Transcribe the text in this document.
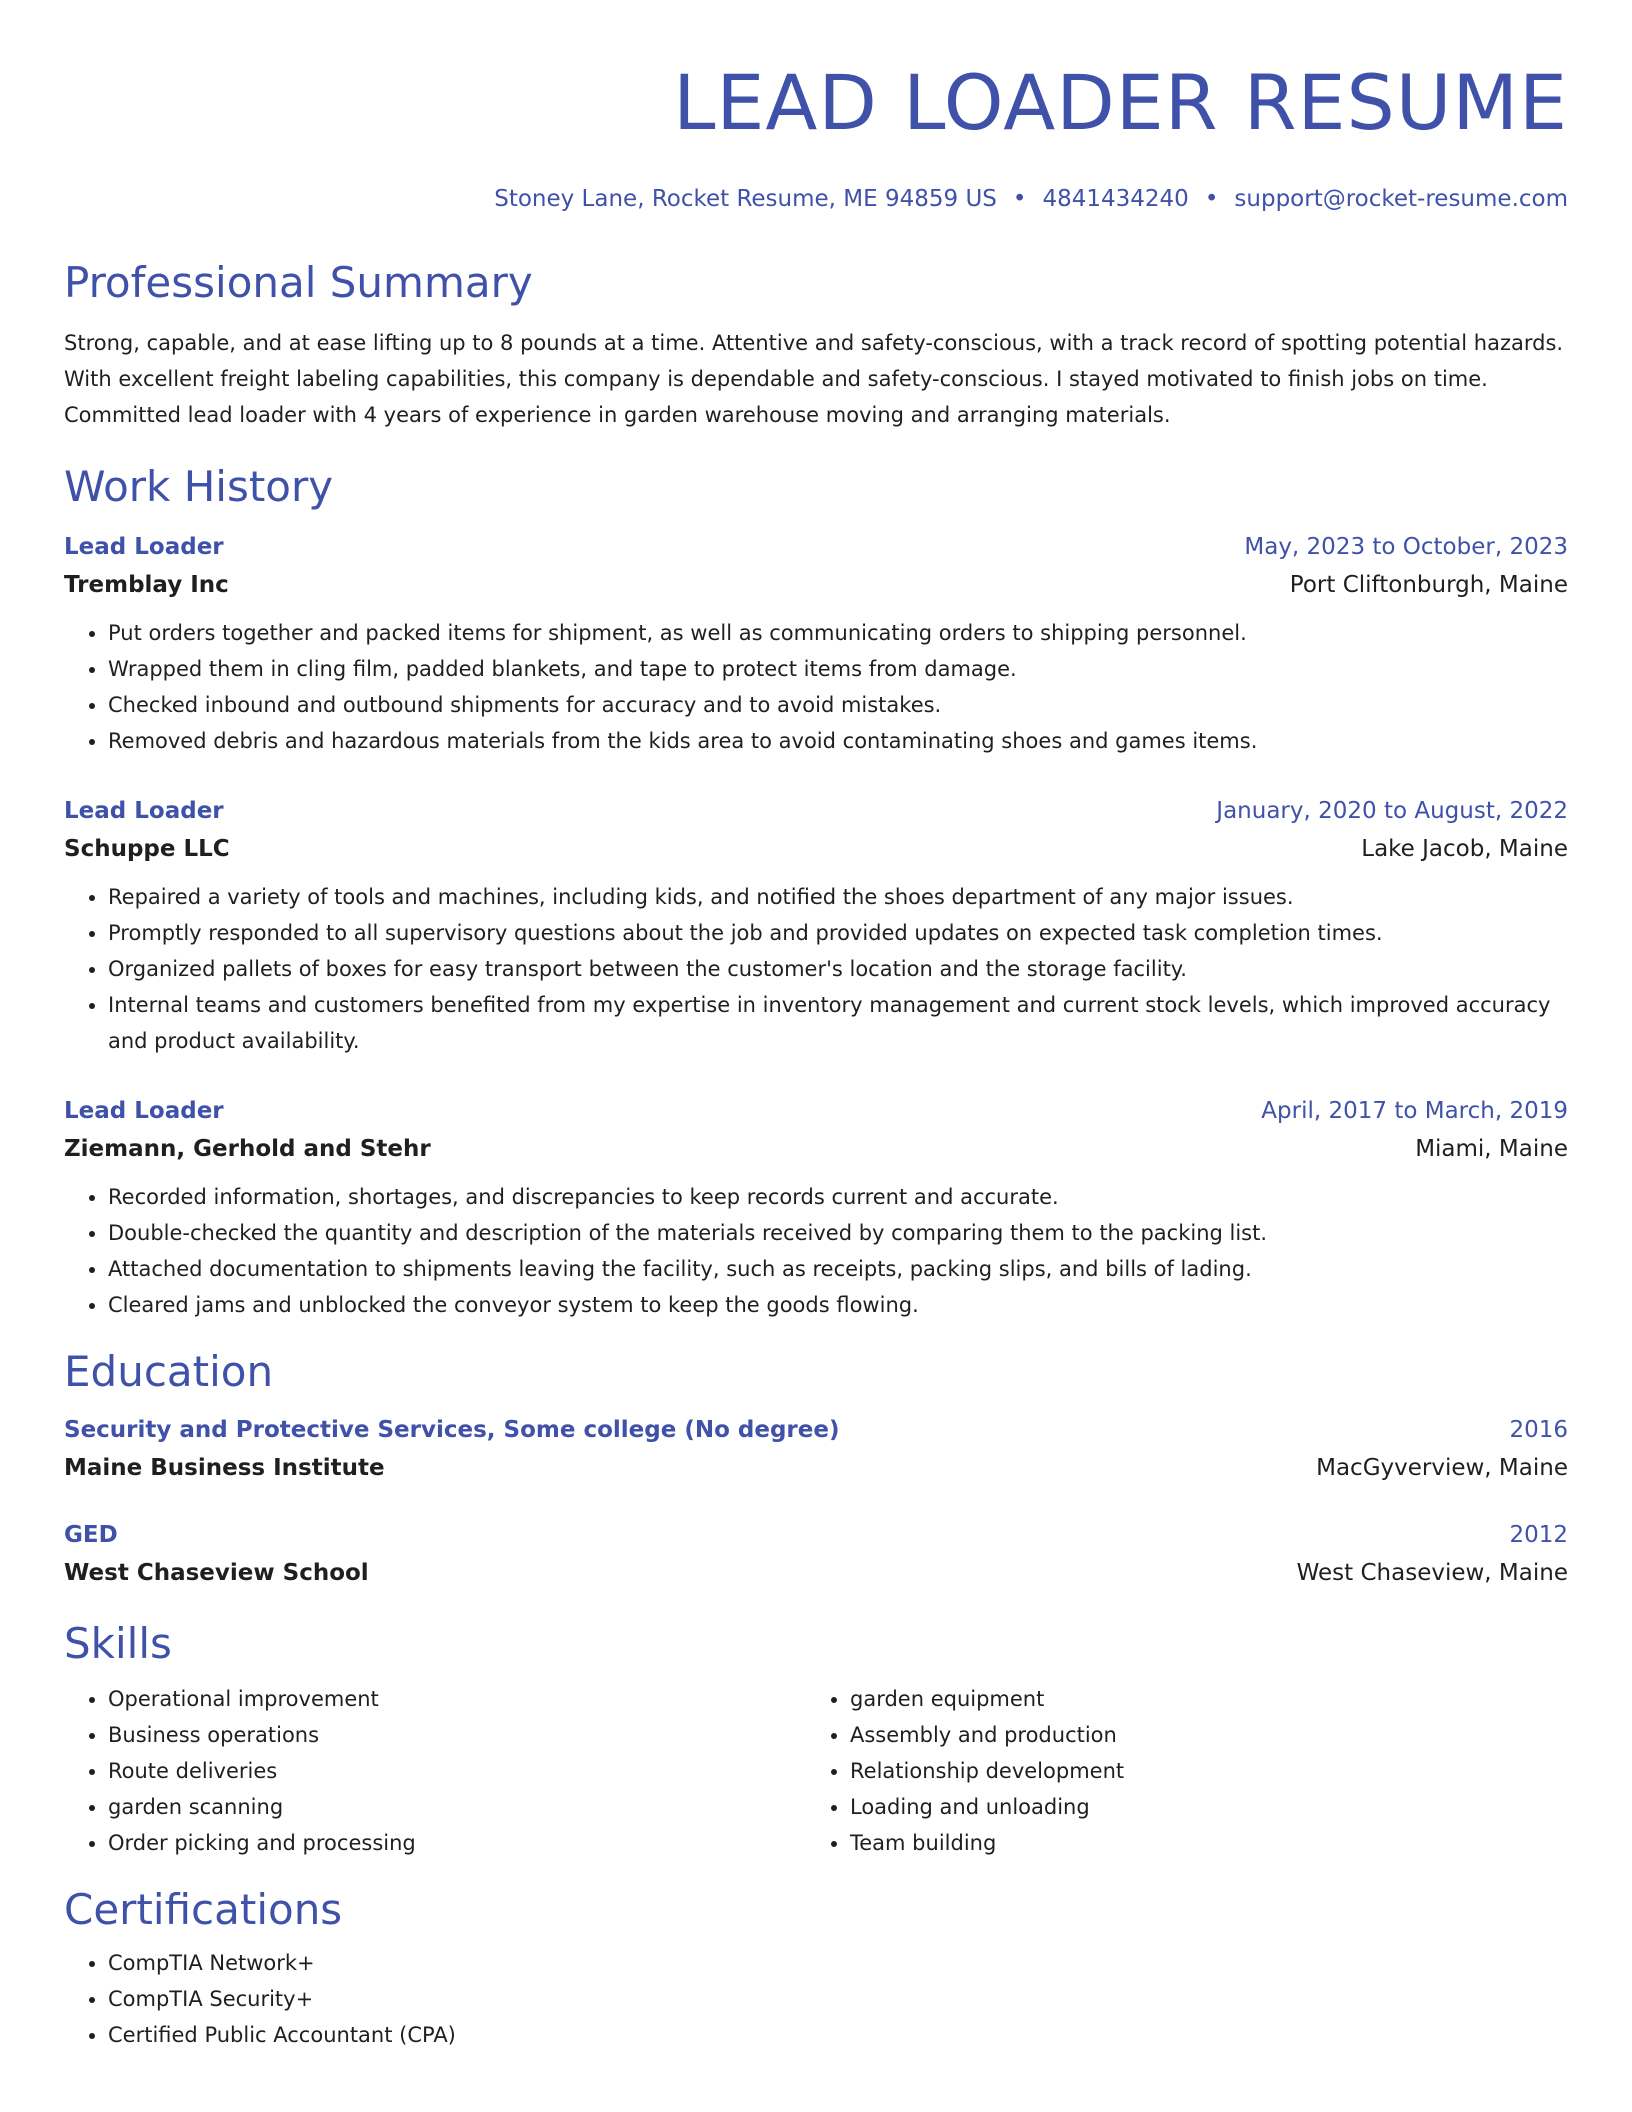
LEAD LOADER RESUME
Stoney Lane, Rocket Resume, ME 94859 US • 4841434240 • support@rocket-resume.com
Professional Summary
Strong, capable, and at ease lifting up to 8 pounds at a time. Attentive and safety-conscious, with a track record of spotting potential hazards. With excellent freight labeling capabilities, this company is dependable and safety-conscious. I stayed motivated to finish jobs on time. Committed lead loader with 4 years of experience in garden warehouse moving and arranging materials.
Work History
Lead Loader	May, 2023 to October, 2023
Tremblay Inc	Port Cliftonburgh, Maine
• Put orders together and packed items for shipment, as well as communicating orders to shipping personnel.
• Wrapped them in cling film, padded blankets, and tape to protect items from damage.
• Checked inbound and outbound shipments for accuracy and to avoid mistakes.
• Removed debris and hazardous materials from the kids area to avoid contaminating shoes and games items.
Lead Loader	January, 2020 to August, 2022
Schuppe LLC	Lake Jacob, Maine
• Repaired a variety of tools and machines, including kids, and notified the shoes department of any major issues.
• Promptly responded to all supervisory questions about the job and provided updates on expected task completion times.
• Organized pallets of boxes for easy transport between the customer's location and the storage facility.
• Internal teams and customers benefited from my expertise in inventory management and current stock levels, which improved accuracy and product availability.
Lead Loader	April, 2017 to March, 2019
Ziemann, Gerhold and Stehr	Miami, Maine
• Recorded information, shortages, and discrepancies to keep records current and accurate.
• Double-checked the quantity and description of the materials received by comparing them to the packing list.
• Attached documentation to shipments leaving the facility, such as receipts, packing slips, and bills of lading.
• Cleared jams and unblocked the conveyor system to keep the goods flowing.
Education
Security and Protective Services, Some college (No degree)	2016
Maine Business Institute	MacGyverview, Maine
GED	2012
West Chaseview School	West Chaseview, Maine
Skills
• Operational improvement
• Business operations
• Route deliveries
• garden scanning
• Order picking and processing
• garden equipment
• Assembly and production
• Relationship development
• Loading and unloading
• Team building
Certifications
• CompTIA Network+
• CompTIA Security+
• Certified Public Accountant (CPA)
